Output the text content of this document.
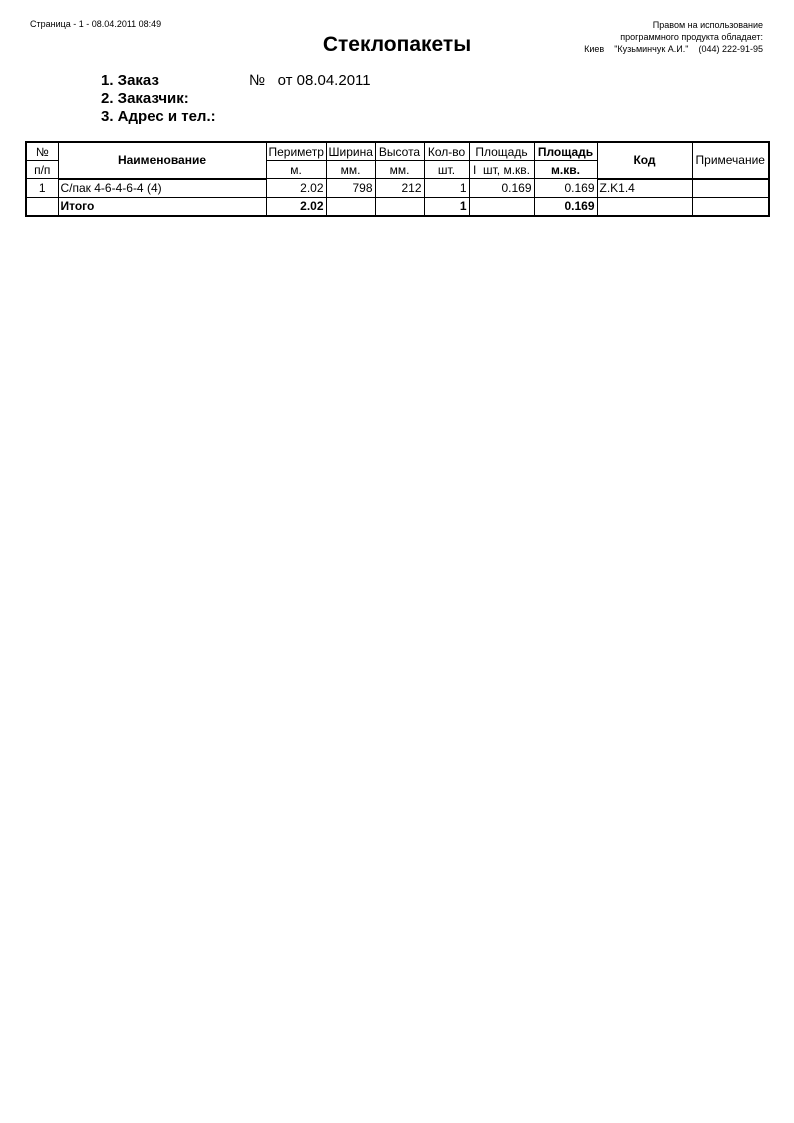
Страница - 1 - 08.04.2011 08:49	Правом на использование
программного продукта обладает:
Киев    "Кузьминчук А.И."    (044) 222-91-95
Стеклопакеты
1. Заказ
2. Заказчик:
3. Адрес и тел.:
№   от 08.04.2011
№	Наименование	Периметр	Ширина	Высота	Кол-во	Площадь	Площадь	Код	Примечание
п/п		м.	мм.	мм.	шт.	I  шт, м.кв.	м.кв.		
1	С/пак 4-6-4-6-4 (4)	2.02	798	212	1	0.169	0.169	Z.K1.4	
	Итого	2.02			1		0.169		
